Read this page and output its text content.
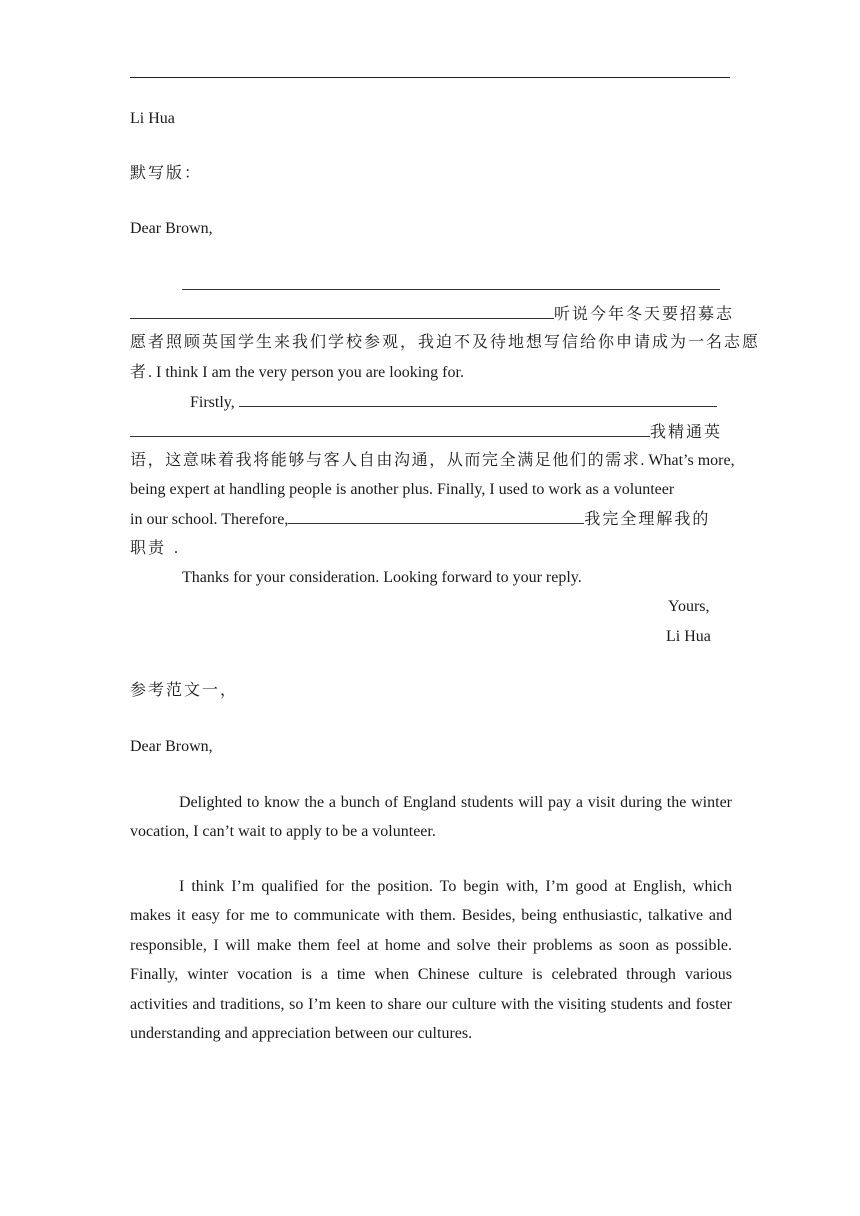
Li Hua
默写版：
Dear Brown,
听说今年冬天要招募志
愿者照顾英国学生来我们学校参观，我迫不及待地想写信给你申请成为一名志愿
者. I think I am the very person you are looking for.
Firstly,
我精通英
语，这意味着我将能够与客人自由沟通，从而完全满足他们的需求. What’s more,
being expert at handling people is another plus. Finally, I used to work as a volunteer
in our school. Therefore,	我完全理解我的
职责 .
Thanks for your consideration. Looking forward to your reply.
Yours,
Li Hua
参考范文一，
Dear Brown,

Delighted to know the a bunch of England students will pay a visit during the winter vocation, I can’t wait to apply to be a volunteer.

I think I’m qualified for the position. To begin with, I’m good at English, which makes it easy for me to communicate with them. Besides, being enthusiastic, talkative and responsible, I will make them feel at home and solve their problems as soon as possible. Finally, winter vocation is a time when Chinese culture is celebrated through various activities and traditions, so I’m keen to share our culture with the visiting students and foster understanding and appreciation between our cultures.
